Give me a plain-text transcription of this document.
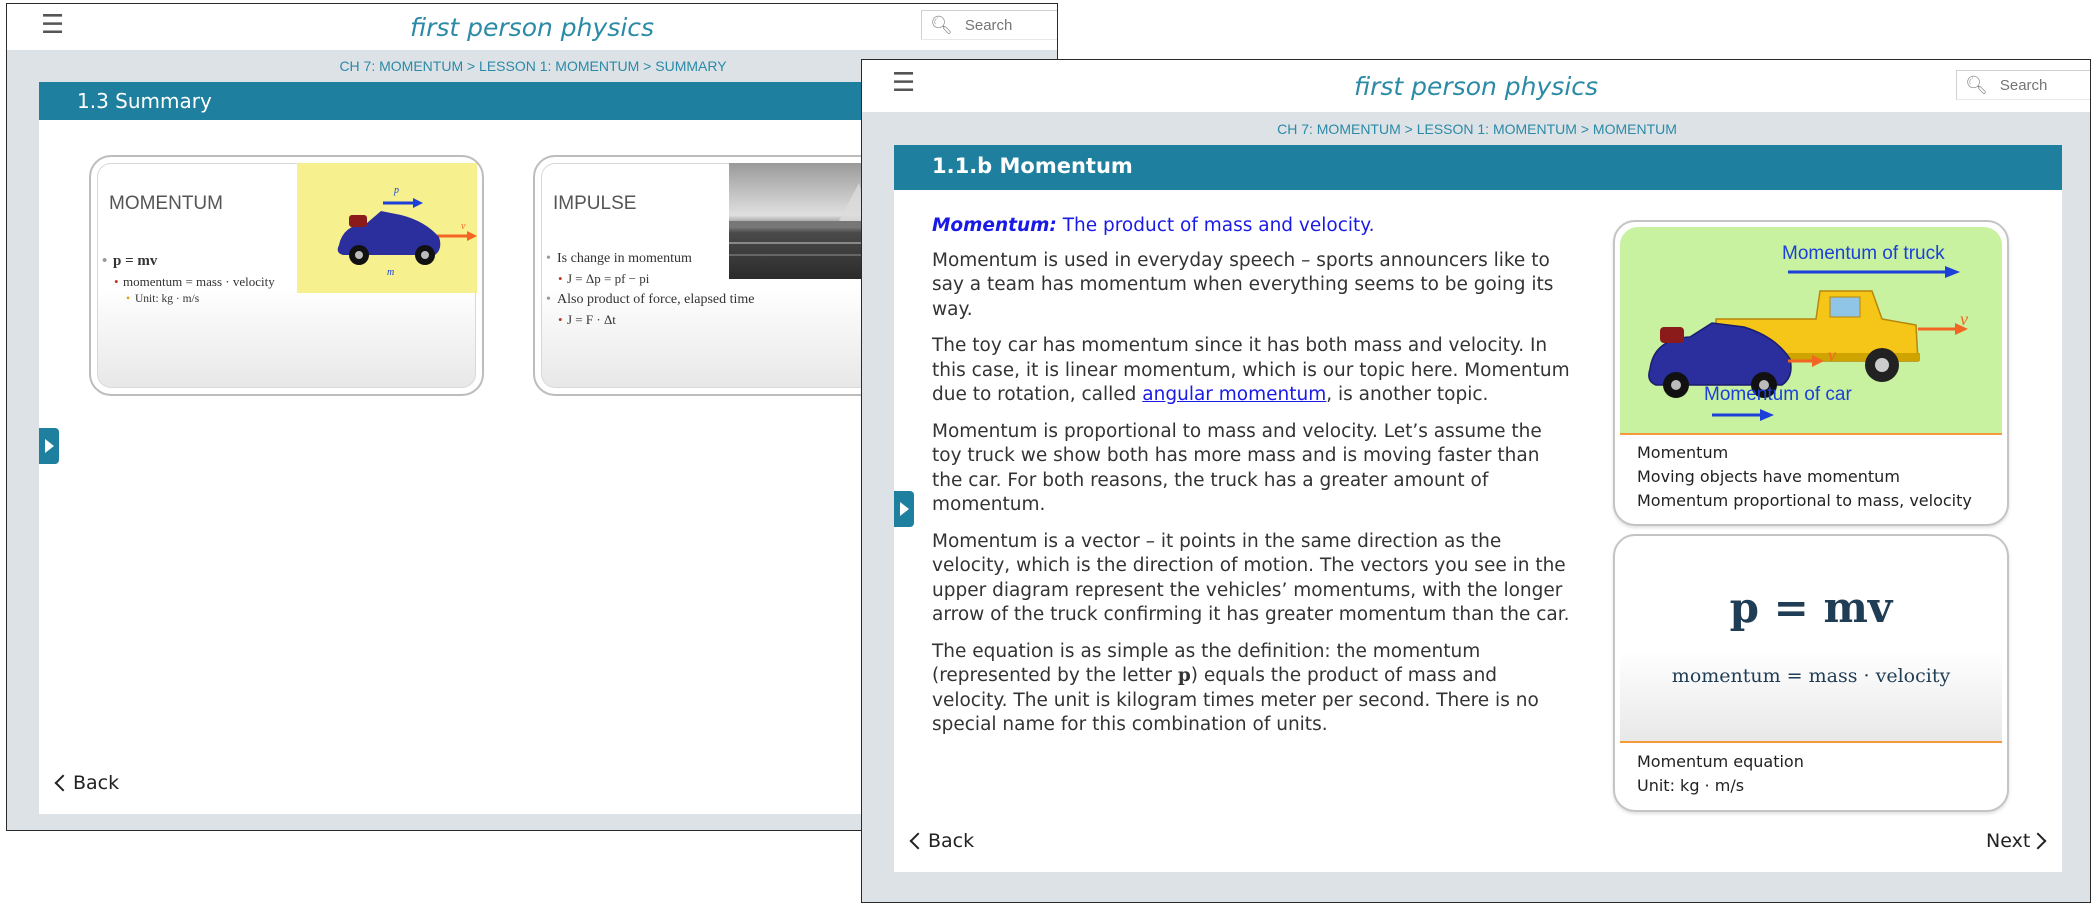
☰	first person physics	🔍︎
Search
CH 7: MOMENTUM > LESSON 1: MOMENTUM > SUMMARY
1.3 Summary
p
v
m
MOMENTUM
• p = mv
• momentum = mass · velocity
• Unit: kg · m/s
IMPULSE
• Is change in momentum
• J = Δp = pf − pi
• Also product of force, elapsed time
• J = F · Δt
Back
☰	first person physics	🔍︎
Search
CH 7: MOMENTUM > LESSON 1: MOMENTUM > MOMENTUM
1.1.b Momentum

Momentum: The product of mass and velocity.

Momentum is used in everyday speech – sports announcers like to say a team has momentum when everything seems to be going its way.

The toy car has momentum since it has both mass and velocity. In this case, it is linear momentum, which is our topic here. Momentum due to rotation, called angular momentum, is another topic.

Momentum is proportional to mass and velocity. Let’s assume the toy truck we show both has more mass and is moving faster than the car. For both reasons, the truck has a greater amount of momentum.

Momentum is a vector – it points in the same direction as the velocity, which is the direction of motion. The vectors you see in the upper diagram represent the vehicles’ momentums, with the longer arrow of the truck confirming it has greater momentum than the car.

The equation is as simple as the definition: the momentum (represented by the letter p) equals the product of mass and velocity. The unit is kilogram times meter per second. There is no special name for this combination of units.

Momentum of truck
v
v
Momentum of car
Momentum
Moving objects have momentum
Momentum proportional to mass, velocity
p = mv
momentum = mass · velocity
Momentum equation
Unit: kg · m/s
Back	Next
